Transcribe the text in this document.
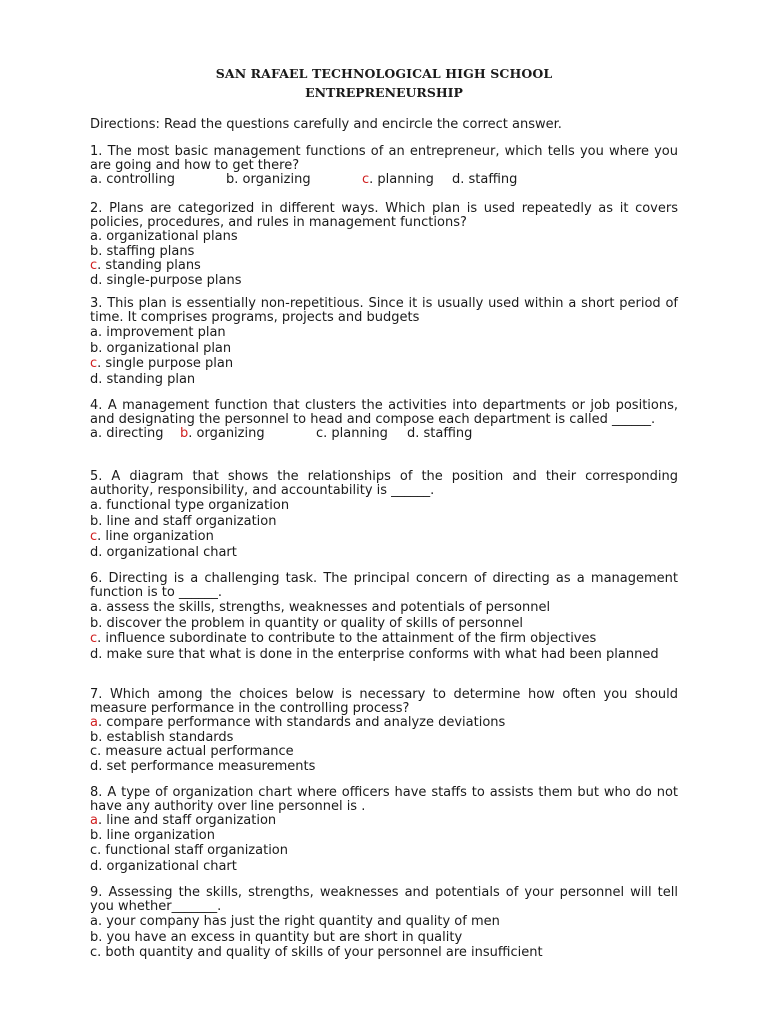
SAN RAFAEL TECHNOLOGICAL HIGH SCHOOL
ENTREPRENEURSHIP
Directions: Read the questions carefully and encircle the correct answer.
1. The most basic management functions of an entrepreneur, which tells you where you are going and how to get there?
a. controlling	b. organizing	c. planning d. staffing
2. Plans are categorized in different ways. Which plan is used repeatedly as it covers policies, procedures, and rules in management functions?
a. organizational plans
b. staffing plans
c. standing plans
d. single-purpose plans
3. This plan is essentially non-repetitious. Since it is usually used within a short period of time. It comprises programs, projects and budgets
a. improvement plan
b. organizational plan
c. single purpose plan
d. standing plan
4. A management function that clusters the activities into departments or job positions, and designating the personnel to head and compose each department is called ______.
a. directing b. organizing	c. planning d. staffing
5. A diagram that shows the relationships of the position and their corresponding authority, responsibility, and accountability is ______.
a. functional type organization
b. line and staff organization
c. line organization
d. organizational chart
6. Directing is a challenging task. The principal concern of directing as a management function is to ______.
a. assess the skills, strengths, weaknesses and potentials of personnel
b. discover the problem in quantity or quality of skills of personnel
c. influence subordinate to contribute to the attainment of the firm objectives
d. make sure that what is done in the enterprise conforms with what had been planned
7. Which among the choices below is necessary to determine how often you should measure performance in the controlling process?
a. compare performance with standards and analyze deviations
b. establish standards
c. measure actual performance
d. set performance measurements
8. A type of organization chart where officers have staffs to assists them but who do not have any authority over line personnel is .
a. line and staff organization
b. line organization
c. functional staff organization
d. organizational chart
9. Assessing the skills, strengths, weaknesses and potentials of your personnel will tell you whether_______.
a. your company has just the right quantity and quality of men
b. you have an excess in quantity but are short in quality
c. both quantity and quality of skills of your personnel are insufficient
